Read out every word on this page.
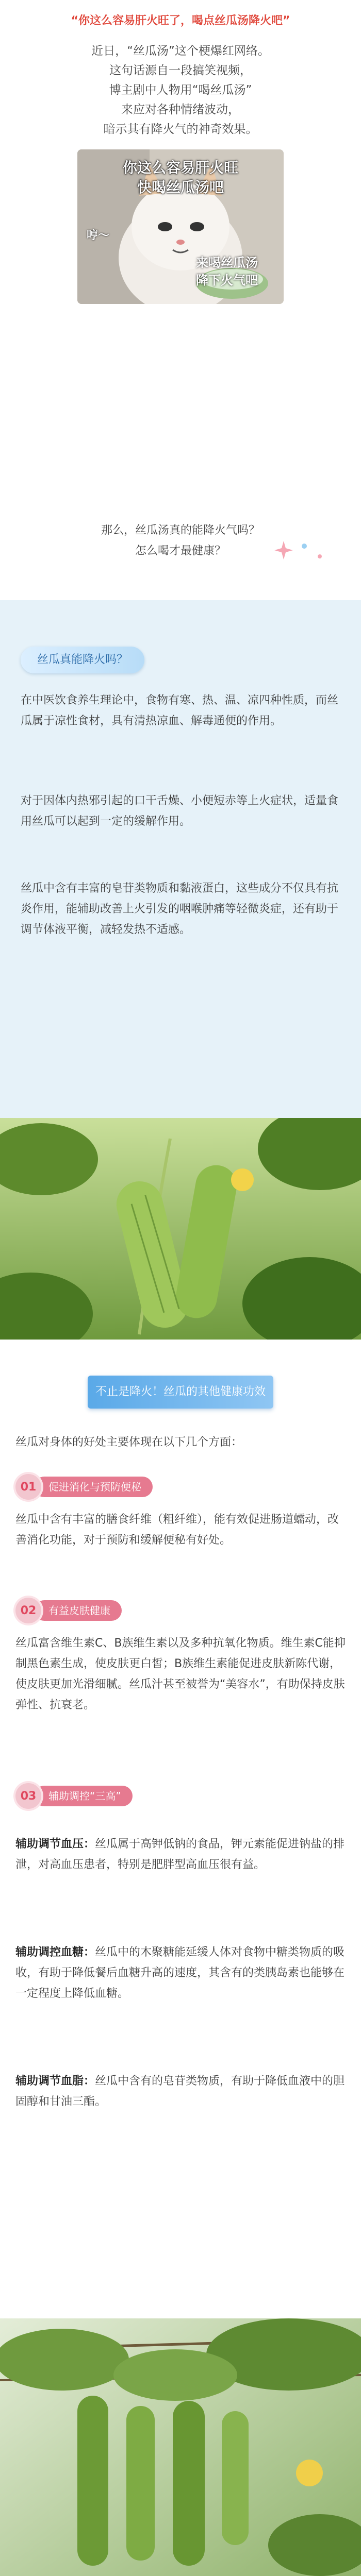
“你这么容易肝火旺了，喝点丝瓜汤降火吧”
近日，“丝瓜汤”这个梗爆红网络。
这句话源自一段搞笑视频，
博主剧中人物用“喝丝瓜汤”
来应对各种情绪波动，
暗示其有降火气的神奇效果。
你这么容易肝火旺
快喝丝瓜汤吧
哼～
来喝丝瓜汤
降下火气吧
那么，丝瓜汤真的能降火气吗？
怎么喝才最健康？
丝瓜真能降火吗？
在中医饮食养生理论中，食物有寒、热、温、凉四种性质，而丝瓜属于凉性食材，具有清热凉血、解毒通便的作用。
对于因体内热邪引起的口干舌燥、小便短赤等上火症状，适量食用丝瓜可以起到一定的缓解作用。
丝瓜中含有丰富的皂苷类物质和黏液蛋白，这些成分不仅具有抗炎作用，能辅助改善上火引发的咽喉肿痛等轻微炎症，还有助于调节体液平衡，减轻发热不适感。
不止是降火！丝瓜的其他健康功效
丝瓜对身体的好处主要体现在以下几个方面：
01	促进消化与预防便秘
丝瓜中含有丰富的膳食纤维（粗纤维），能有效促进肠道蠕动，改善消化功能，对于预防和缓解便秘有好处。
02	有益皮肤健康
丝瓜富含维生素C、B族维生素以及多种抗氧化物质。维生素C能抑制黑色素生成，使皮肤更白皙；B族维生素能促进皮肤新陈代谢，使皮肤更加光滑细腻。丝瓜汁甚至被誉为“美容水”，有助保持皮肤弹性、抗衰老。
03	辅助调控“三高”
辅助调节血压：丝瓜属于高钾低钠的食品，钾元素能促进钠盐的排泄，对高血压患者，特别是肥胖型高血压很有益。
辅助调控血糖：丝瓜中的木聚糖能延缓人体对食物中糖类物质的吸收，有助于降低餐后血糖升高的速度，其含有的类胰岛素也能够在一定程度上降低血糖。
辅助调节血脂：丝瓜中含有的皂苷类物质，有助于降低血液中的胆固醇和甘油三酯。
